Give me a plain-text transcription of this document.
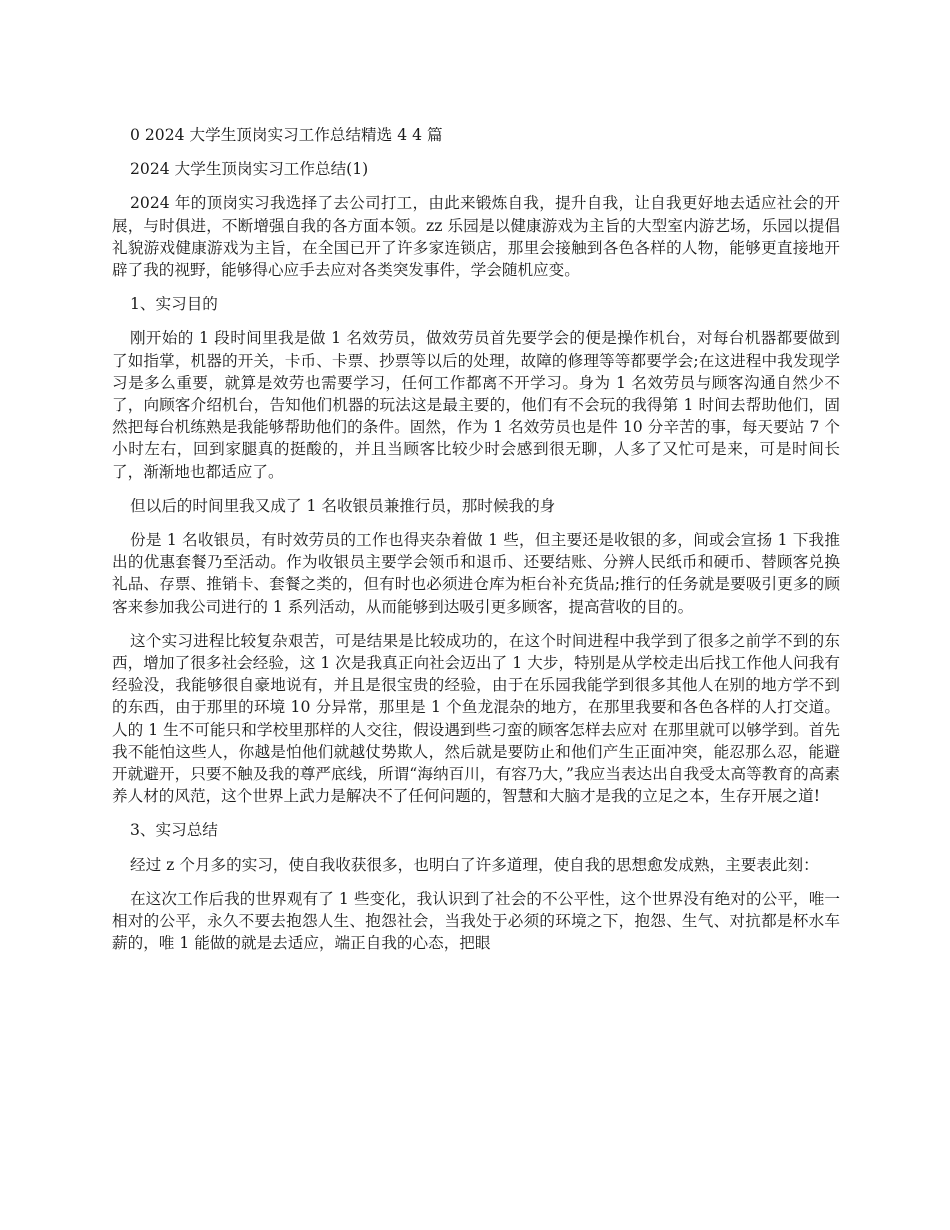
0 2024 大学生顶岗实习工作总结精选 4 4 篇

2024 大学生顶岗实习工作总结(1)

2024 年的顶岗实习我选择了去公司打工，由此来锻炼自我，提升自我，让自我更好地去适应社会的开展，与时俱进，不断增强自我的各方面本领。zz 乐园是以健康游戏为主旨的大型室内游艺场，乐园以提倡礼貌游戏健康游戏为主旨，在全国已开了许多家连锁店，那里会接触到各色各样的人物，能够更直接地开辟了我的视野，能够得心应手去应对各类突发事件，学会随机应变。

1、实习目的

刚开始的 1 段时间里我是做 1 名效劳员，做效劳员首先要学会的便是操作机台，对每台机器都要做到了如指掌，机器的开关，卡币、卡票、抄票等以后的处理，故障的修理等等都要学会;在这进程中我发现学习是多么重要，就算是效劳也需要学习，任何工作都离不开学习。身为 1 名效劳员与顾客沟通自然少不了，向顾客介绍机台，告知他们机器的玩法这是最主要的，他们有不会玩的我得第 1 时间去帮助他们，固然把每台机练熟是我能够帮助他们的条件。固然，作为 1 名效劳员也是件 10 分辛苦的事，每天要站 7 个小时左右，回到家腿真的挺酸的，并且当顾客比较少时会感到很无聊，人多了又忙可是来，可是时间长了，渐渐地也都适应了。

但以后的时间里我又成了 1 名收银员兼推行员，那时候我的身

份是 1 名收银员，有时效劳员的工作也得夹杂着做 1 些，但主要还是收银的多，间或会宣扬 1 下我推出的优惠套餐乃至活动。作为收银员主要学会领币和退币、还要结账、分辨人民纸币和硬币、替顾客兑换礼品、存票、推销卡、套餐之类的，但有时也必须进仓库为柜台补充货品;推行的任务就是要吸引更多的顾客来参加我公司进行的 1 系列活动，从而能够到达吸引更多顾客，提高营收的目的。

这个实习进程比较复杂艰苦，可是结果是比较成功的，在这个时间进程中我学到了很多之前学不到的东西，增加了很多社会经验，这 1 次是我真正向社会迈出了 1 大步，特别是从学校走出后找工作他人问我有经验没，我能够很自豪地说有，并且是很宝贵的经验，由于在乐园我能学到很多其他人在别的地方学不到的东西，由于那里的环境 10 分异常，那里是 1 个鱼龙混杂的地方，在那里我要和各色各样的人打交道。人的 1 生不可能只和学校里那样的人交往，假设遇到些刁蛮的顾客怎样去应对 在那里就可以够学到。首先我不能怕这些人，你越是怕他们就越仗势欺人，然后就是要防止和他们产生正面冲突，能忍那么忍，能避开就避开，只要不触及我的尊严底线，所谓“海纳百川，有容乃大，”我应当表达出自我受太高等教育的高素养人材的风范，这个世界上武力是解决不了任何问题的，智慧和大脑才是我的立足之本，生存开展之道!

3、实习总结

经过 z 个月多的实习，使自我收获很多，也明白了许多道理，使自我的思想愈发成熟，主要表此刻：

在这次工作后我的世界观有了 1 些变化，我认识到了社会的不公平性，这个世界没有绝对的公平，唯一相对的公平，永久不要去抱怨人生、抱怨社会，当我处于必须的环境之下，抱怨、生气、对抗都是杯水车薪的，唯 1 能做的就是去适应，端正自我的心态，把眼
